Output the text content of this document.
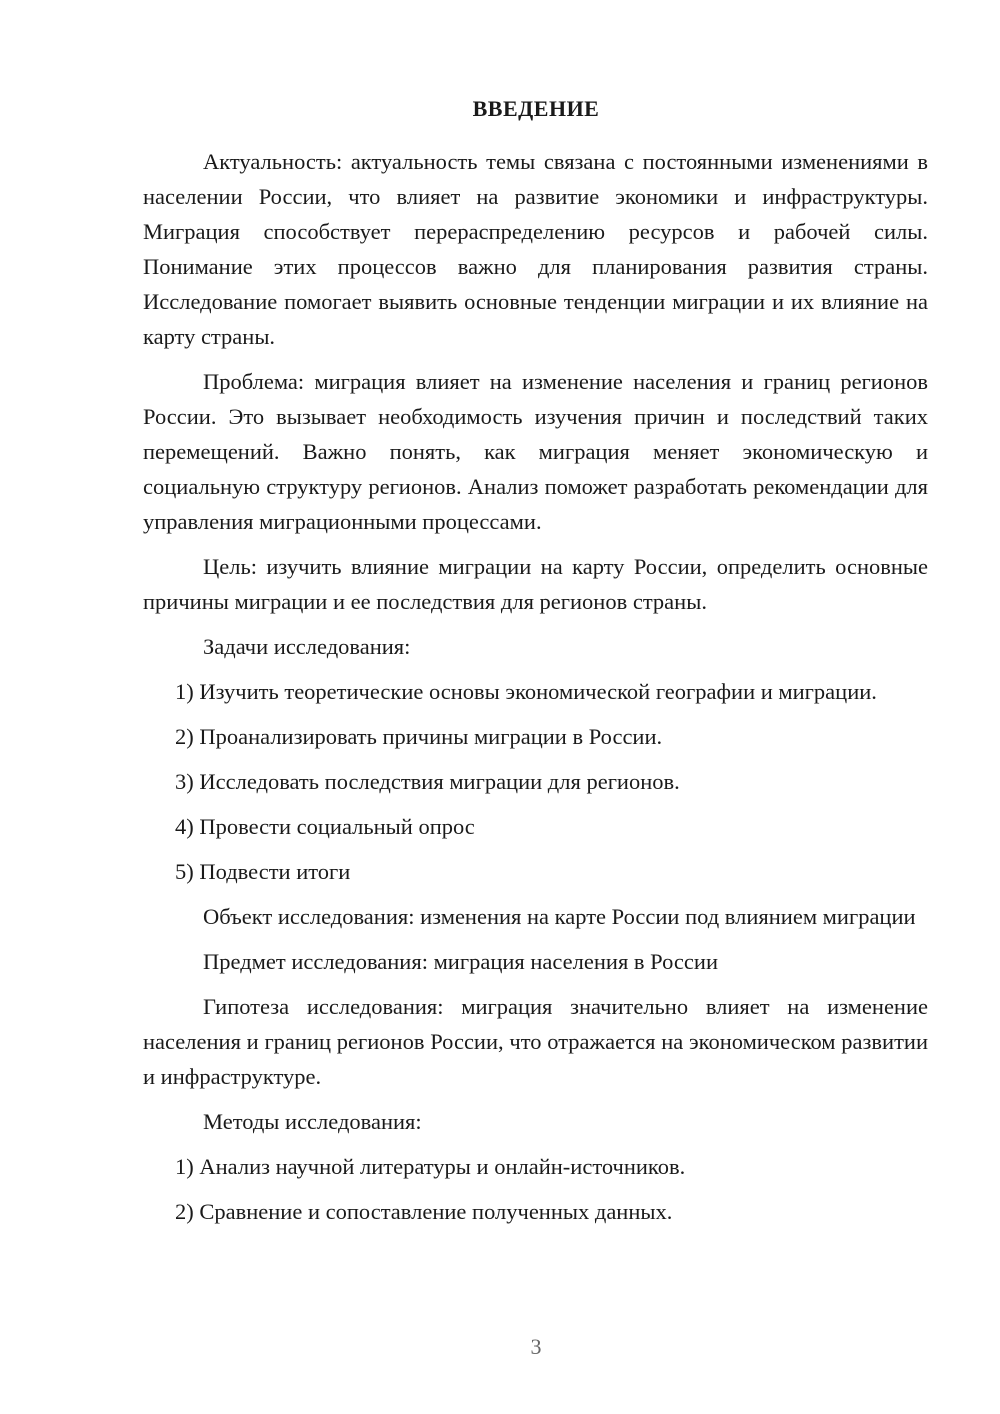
ВВЕДЕНИЕ

Актуальность: актуальность темы связана с постоянными изменениями в населении России, что влияет на развитие экономики и инфраструктуры. Миграция способствует перераспределению ресурсов и рабочей силы. Понимание этих процессов важно для планирования развития страны. Исследование помогает выявить основные тенденции миграции и их влияние на карту страны.

Проблема: миграция влияет на изменение населения и границ регионов России. Это вызывает необходимость изучения причин и последствий таких перемещений. Важно понять, как миграция меняет экономическую и социальную структуру регионов. Анализ поможет разработать рекомендации для управления миграционными процессами.

Цель: изучить влияние миграции на карту России, определить основные причины миграции и ее последствия для регионов страны.

Задачи исследования:

1) Изучить теоретические основы экономической географии и миграции.

2) Проанализировать причины миграции в России.

3) Исследовать последствия миграции для регионов.

4) Провести социальный опрос

5) Подвести итоги

Объект исследования: изменения на карте России под влиянием миграции

Предмет исследования: миграция населения в России

Гипотеза исследования: миграция значительно влияет на изменение населения и границ регионов России, что отражается на экономическом развитии и инфраструктуре.

Методы исследования:

1) Анализ научной литературы и онлайн-источников.

2) Сравнение и сопоставление полученных данных.

3
